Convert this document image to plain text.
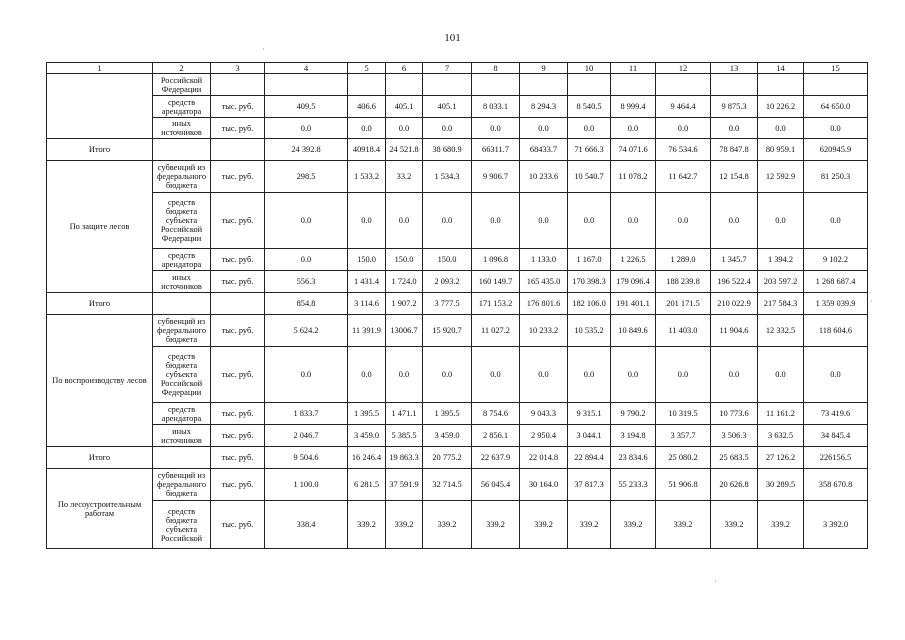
101
1	2	3	4	5	6	7	8	9	10	11	12	13	14	15
	Российской Федерации													
	средств арендатора	тыс. руб.	409.5	406.6	405.1	405.1	8 033.1	8 294.3	8 540.5	8 999.4	9 464.4	9 875.3	10 226.2	64 650.0
	иных источников	тыс. руб.	0.0	0.0	0.0	0.0	0.0	0.0	0.0	0.0	0.0	0.0	0.0	0.0
Итого			24 392.8	40918.4	24 521.8	38 680.9	66311.7	68433.7	71 666.3	74 071.6	76 534.6	78 847.8	80 959.1	620945.9
По защите лесов	субвенций из федерального бюджета	тыс. руб.	298.5	1 533.2	33.2	1 534.3	9 906.7	10 233.6	10 540.7	11 078.2	11 642.7	12 154.8	12 592.9	81 250.3
	средств бюджета субъекта Российской Федерации	тыс. руб.	0.0	0.0	0.0	0.0	0.0	0.0	0.0	0.0	0.0	0.0	0.0	0.0
	средств арендатора	тыс. руб.	0.0	150.0	150.0	150.0	1 096.8	1 133.0	1 167.0	1 226.5	1 289.0	1 345.7	1 394.2	9 102.2
	иных источников	тыс. руб.	556.3	1 431.4	1 724.0	2 093.2	160 149.7	165 435.0	170 398.3	179 096.4	188 239.8	196 522.4	203 597.2	1 268 687.4
Итого			854.8	3 114.6	1 907.2	3 777.5	171 153.2	176 801.6	182 106.0	191 401.1	201 171.5	210 022.9	217 584.3	1 359 039.9
По воспроизводству лесов	субвенций из федерального бюджета	тыс. руб.	5 624.2	11 391.9	13006.7	15 920.7	11 027.2	10 233.2	10 535.2	10 849.6	11 403.0	11 904.6	12 332.5	118 604.6
	средств бюджета субъекта Российской Федерации	тыс. руб.	0.0	0.0	0.0	0.0	0.0	0.0	0.0	0.0	0.0	0.0	0.0	0.0
	средств арендатора	тыс. руб.	1 833.7	1 395.5	1 471.1	1 395.5	8 754.6	9 043.3	9 315.1	9 790.2	10 319.5	10 773.6	11 161.2	73 419.6
	иных источников	тыс. руб.	2 046.7	3 459.0	5 385.5	3 459.0	2 856.1	2 950.4	3 044.1	3 194.8	3 357.7	3 506.3	3 632.5	34 845.4
Итого		тыс. руб.	9 504.6	16 246.4	19 863.3	20 775.2	22 637.9	22 014.8	22 894.4	23 834.6	25 080.2	25 683.5	27 126.2	226156.5
По лесоустроительным работам	субвенций из федерального бюджета	тыс. руб.	1 100.0	6 281.5	37 591.9	32 714.5	56 045.4	30 164.0	37 817.3	55 233.3	51 906.8	20 626.8	30 289.5	358 670.8
	средств бюджета субъекта Российской	тыс. руб.	338.4	339.2	339.2	339.2	339.2	339.2	339.2	339.2	339.2	339.2	339.2	3 392.0
·
·
·
